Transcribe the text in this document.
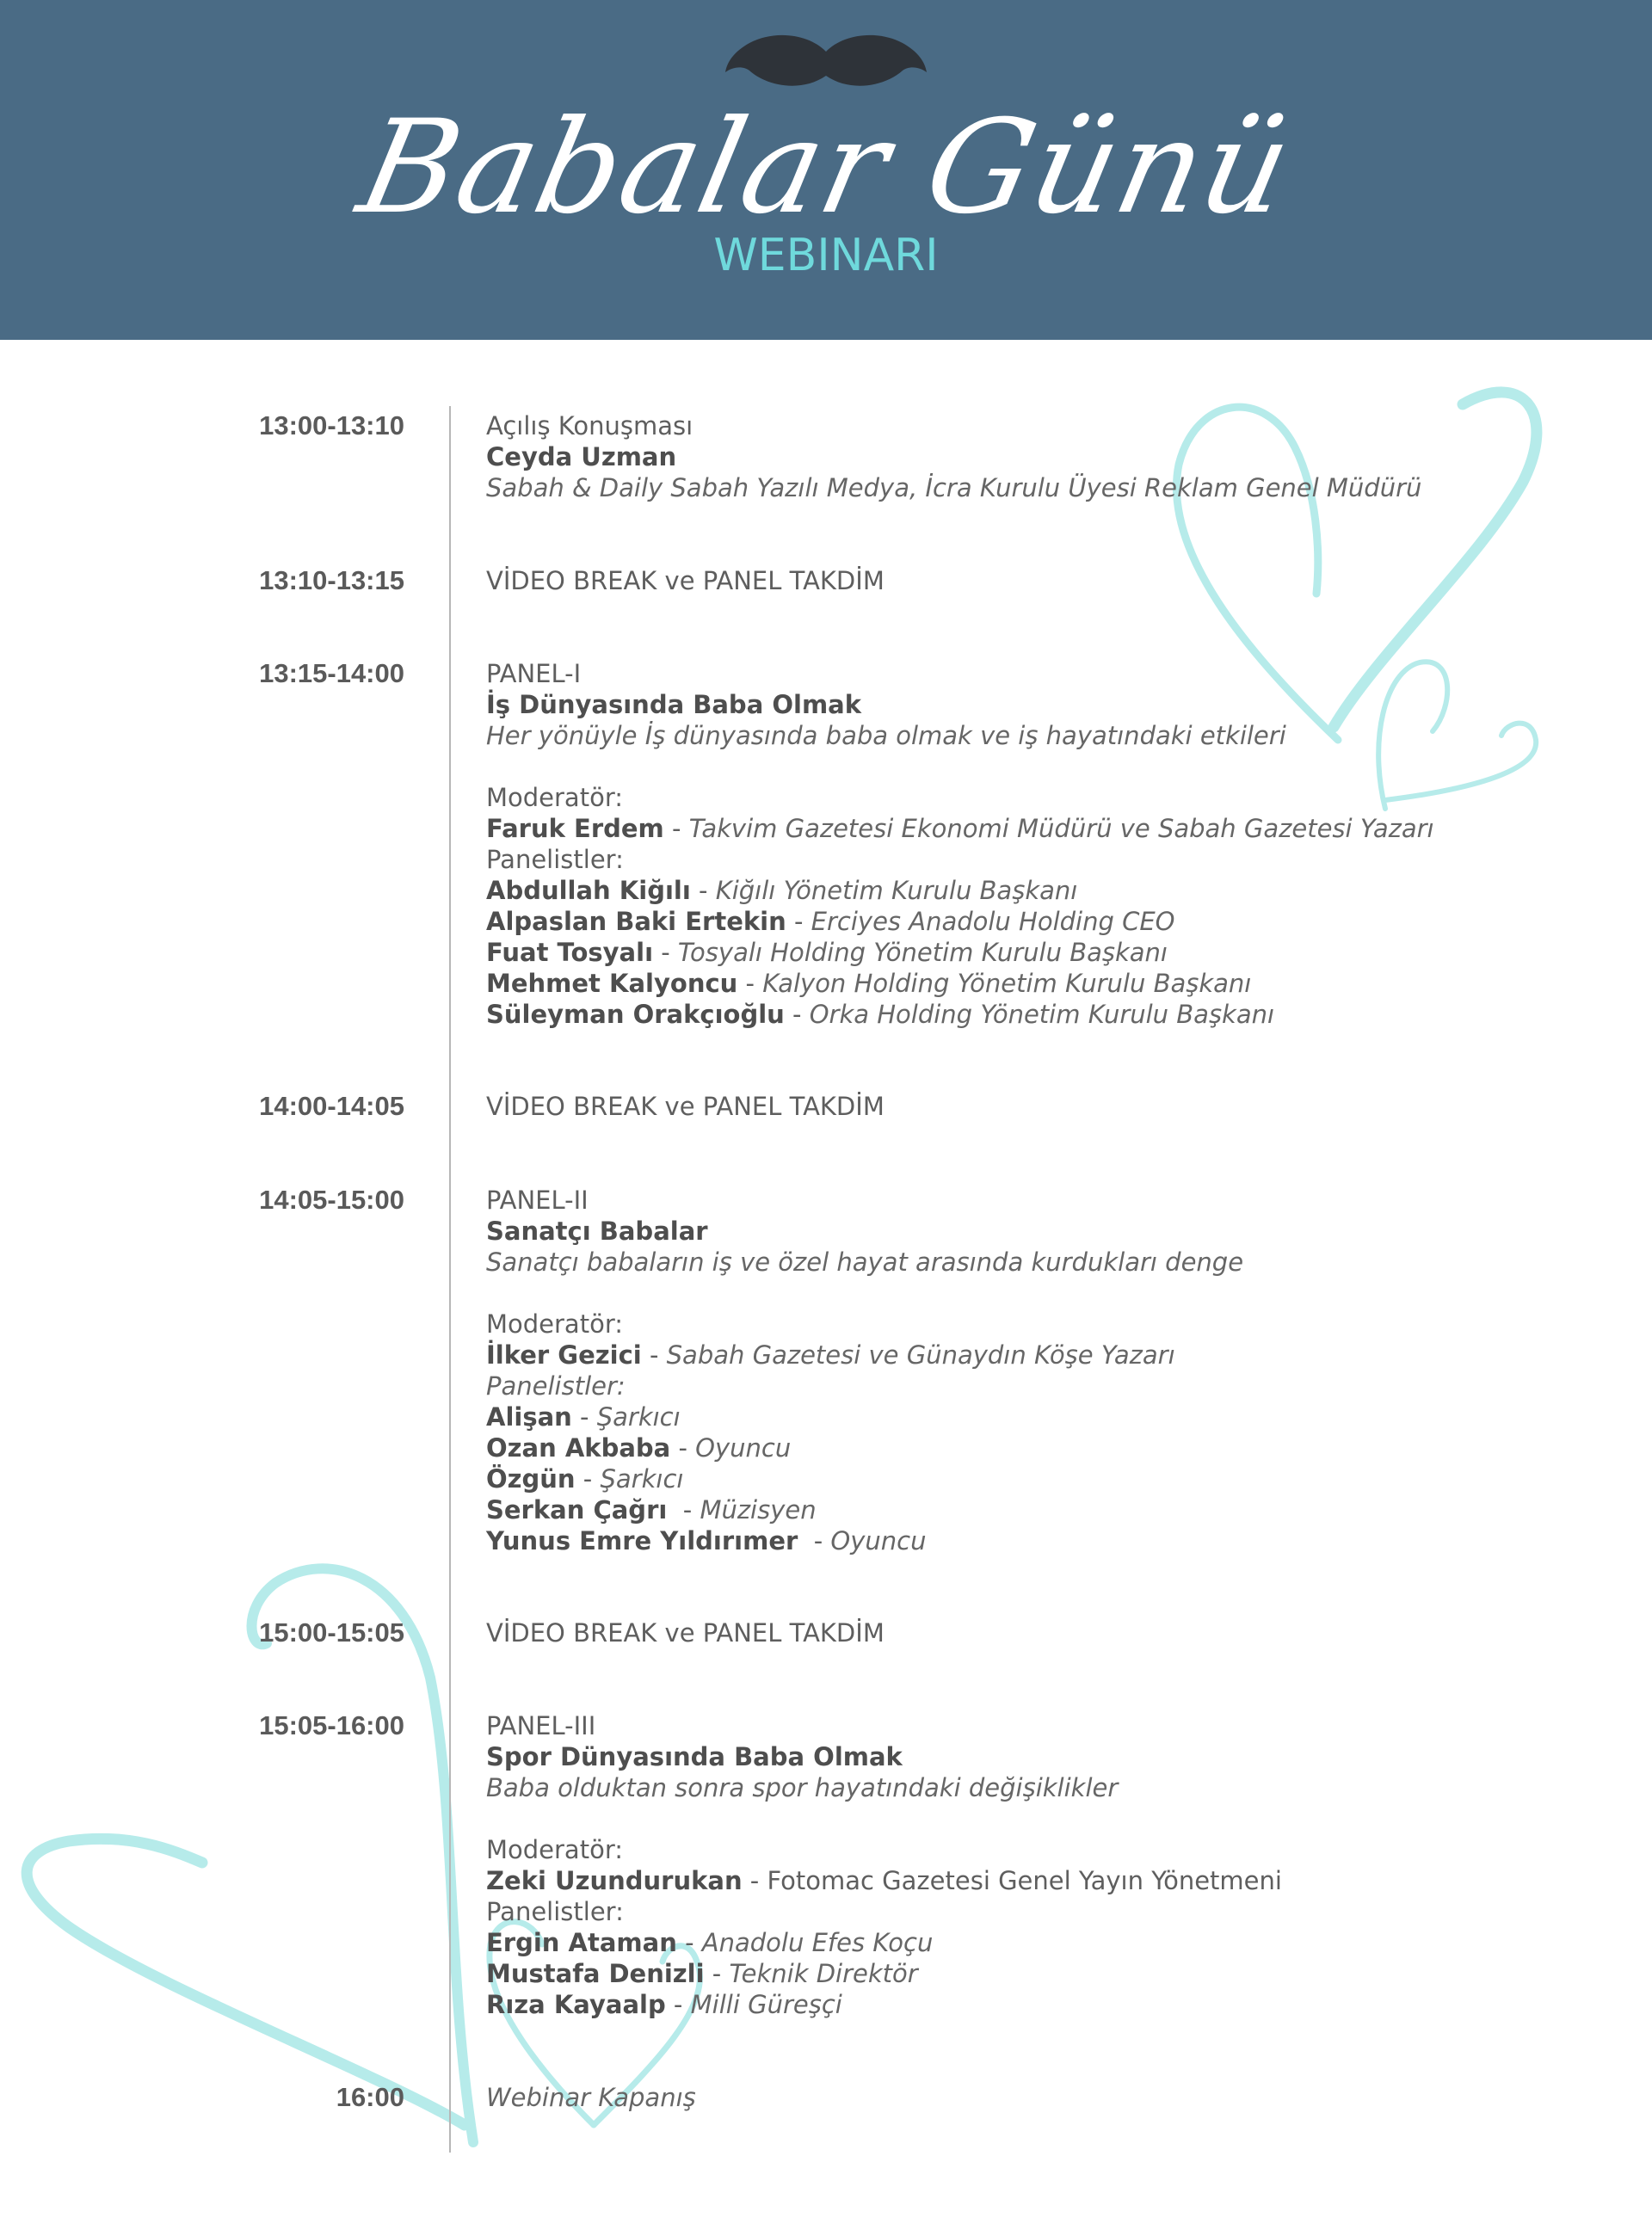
Babalar Günü
WEBINARI
13:00-13:10	Açılış Konuşması
Ceyda Uzman
Sabah & Daily Sabah Yazılı Medya, İcra Kurulu Üyesi Reklam Genel Müdürü
13:10-13:15	VİDEO BREAK ve PANEL TAKDİM
13:15-14:00	PANEL-I
İş Dünyasında Baba Olmak
Her yönüyle İş dünyasında baba olmak ve iş hayatındaki etkileri
Moderatör:
Faruk Erdem - Takvim Gazetesi Ekonomi Müdürü ve Sabah Gazetesi Yazarı
Panelistler:
Abdullah Kiğılı - Kiğılı Yönetim Kurulu Başkanı
Alpaslan Baki Ertekin - Erciyes Anadolu Holding CEO
Fuat Tosyalı - Tosyalı Holding Yönetim Kurulu Başkanı
Mehmet Kalyoncu - Kalyon Holding Yönetim Kurulu Başkanı
Süleyman Orakçıoğlu - Orka Holding Yönetim Kurulu Başkanı
14:00-14:05	VİDEO BREAK ve PANEL TAKDİM
14:05-15:00	PANEL-II
Sanatçı Babalar
Sanatçı babaların iş ve özel hayat arasında kurdukları denge
Moderatör:
İlker Gezici - Sabah Gazetesi ve Günaydın Köşe Yazarı
Panelistler:
Alişan - Şarkıcı
Ozan Akbaba - Oyuncu
Özgün - Şarkıcı
Serkan Çağrı  - Müzisyen
Yunus Emre Yıldırımer  - Oyuncu
15:00-15:05	VİDEO BREAK ve PANEL TAKDİM
15:05-16:00	PANEL-III
Spor Dünyasında Baba Olmak
Baba olduktan sonra spor hayatındaki değişiklikler
Moderatör:
Zeki Uzundurukan - Fotomac Gazetesi Genel Yayın Yönetmeni
Panelistler:
Ergin Ataman - Anadolu Efes Koçu
Mustafa Denizli - Teknik Direktör
Rıza Kayaalp - Milli Güreşçi
16:00	Webinar Kapanış
